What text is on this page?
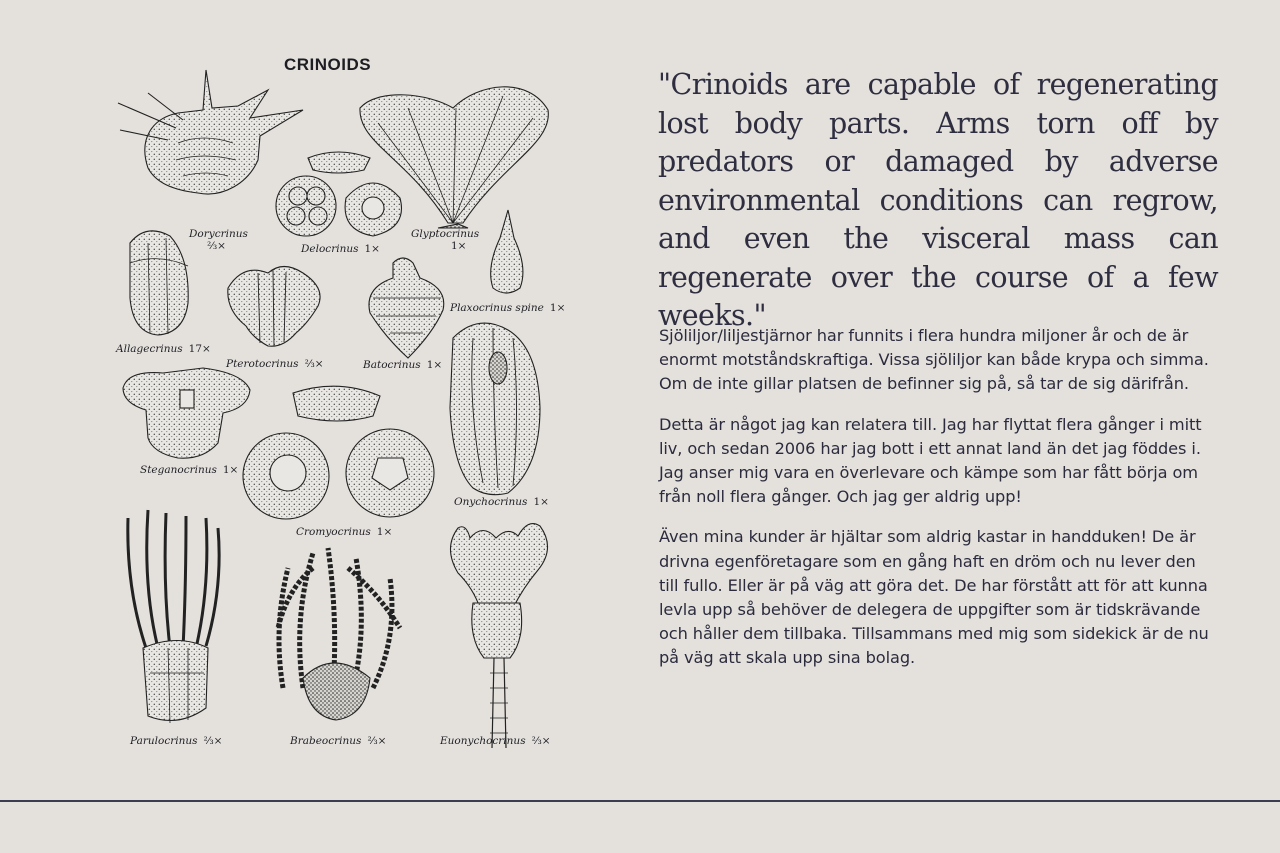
CRINOIDS
Dorycrinus
⅔×	Delocrinus 1×
Glyptocrinus
1×
Allagecrinus 17×
Pterotocrinus ⅔×	Batocrinus 1×
Plaxocrinus spine 1×
Steganocrinus 1×
Cromyocrinus 1×
Onychocrinus 1×
Parulocrinus ⅔×	Brabeocrinus ⅔×	Euonychocrinus ⅔×
"Crinoids are capable of regenerating lost body parts. Arms torn off by predators or damaged by adverse environmental conditions can regrow, and even the visceral mass can regenerate over the course of a few weeks."

Sjöliljor/liljestjärnor har funnits i flera hundra miljoner år och de är enormt motståndskraftiga. Vissa sjöliljor kan både krypa och simma. Om de inte gillar platsen de befinner sig på, så tar de sig därifrån.

Detta är något jag kan relatera till. Jag har flyttat flera gånger i mitt liv, och sedan 2006 har jag bott i ett annat land än det jag föddes i. Jag anser mig vara en överlevare och kämpe som har fått börja om från noll flera gånger. Och jag ger aldrig upp!

Även mina kunder är hjältar som aldrig kastar in handduken! De är drivna egenföretagare som en gång haft en dröm och nu lever den till fullo. Eller är på väg att göra det. De har förstått att för att kunna levla upp så behöver de delegera de uppgifter som är tidskrävande och håller dem tillbaka. Tillsammans med mig som sidekick är de nu på väg att skala upp sina bolag.
